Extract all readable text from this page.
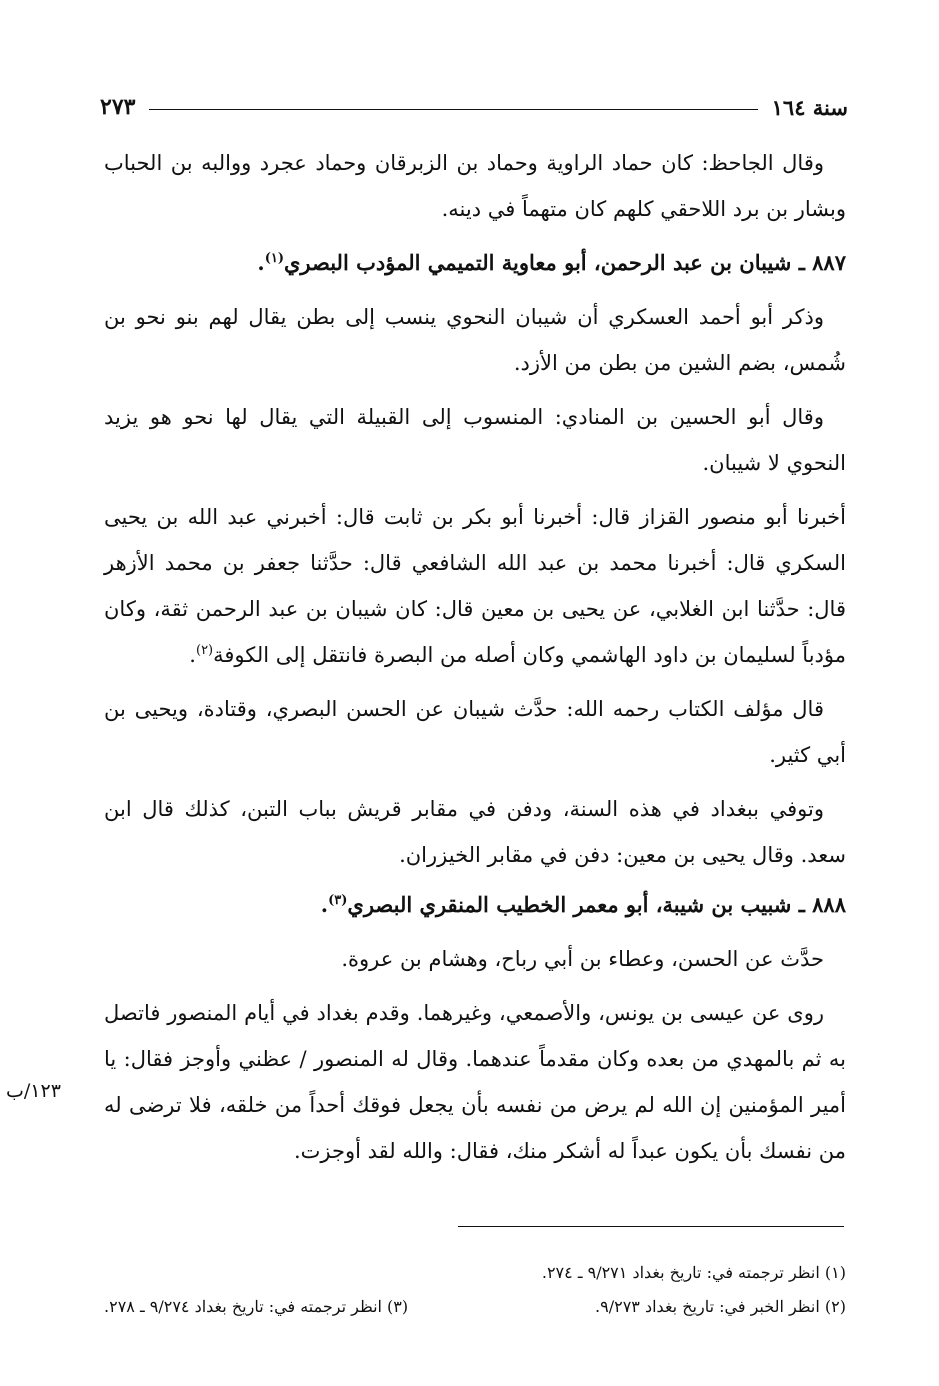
سنة ١٦٤
٢٧٣

وقال الجاحظ: كان حماد الراوية وحماد بن الزبرقان وحماد عجرد ووالبه بن الحباب وبشار بن برد اللاحقي كلهم كان متهماً في دينه.

٨٨٧ ـ شيبان بن عبد الرحمن، أبو معاوية التميمي المؤدب البصري$^{(١)}$.

وذكر أبو أحمد العسكري أن شيبان النحوي ينسب إلى بطن يقال لهم بنو نحو بن شُمس، بضم الشين من بطن من الأزد.

وقال أبو الحسين بن المنادي: المنسوب إلى القبيلة التي يقال لها نحو هو يزيد النحوي لا شيبان.

أخبرنا أبو منصور القزاز قال: أخبرنا أبو بكر بن ثابت قال: أخبرني عبد الله بن يحيى السكري قال: أخبرنا محمد بن عبد الله الشافعي قال: حدَّثنا جعفر بن محمد الأزهر قال: حدَّثنا ابن الغلابي، عن يحيى بن معين قال: كان شيبان بن عبد الرحمن ثقة، وكان مؤدباً لسليمان بن داود الهاشمي وكان أصله من البصرة فانتقل إلى الكوفة$^{(٢)}$.

قال مؤلف الكتاب رحمه الله: حدَّث شيبان عن الحسن البصري، وقتادة، ويحيى بن أبي كثير.

وتوفي ببغداد في هذه السنة، ودفن في مقابر قريش بباب التبن، كذلك قال ابن سعد. وقال يحيى بن معين: دفن في مقابر الخيزران.

٨٨٨ ـ شبيب بن شيبة، أبو معمر الخطيب المنقري البصري$^{(٣)}$.

حدَّث عن الحسن، وعطاء بن أبي رباح، وهشام بن عروة.

روى عن عيسى بن يونس، والأصمعي، وغيرهما. وقدم بغداد في أيام المنصور فاتصل به ثم بالمهدي من بعده وكان مقدماً عندهما. وقال له المنصور / عظني وأوجز فقال: يا أمير المؤمنين إن الله لم يرض من نفسه بأن يجعل فوقك أحداً من خلقه، فلا ترضى له من نفسك بأن يكون عبداً له أشكر منك، فقال: والله لقد أوجزت.

١٢٣/ب
(١) انظر ترجمته في: تاريخ بغداد ٩/٢٧١ ـ ٢٧٤.
(٢) انظر الخبر في: تاريخ بغداد ٩/٢٧٣.
(٣) انظر ترجمته في: تاريخ بغداد ٩/٢٧٤ ـ ٢٧٨.
